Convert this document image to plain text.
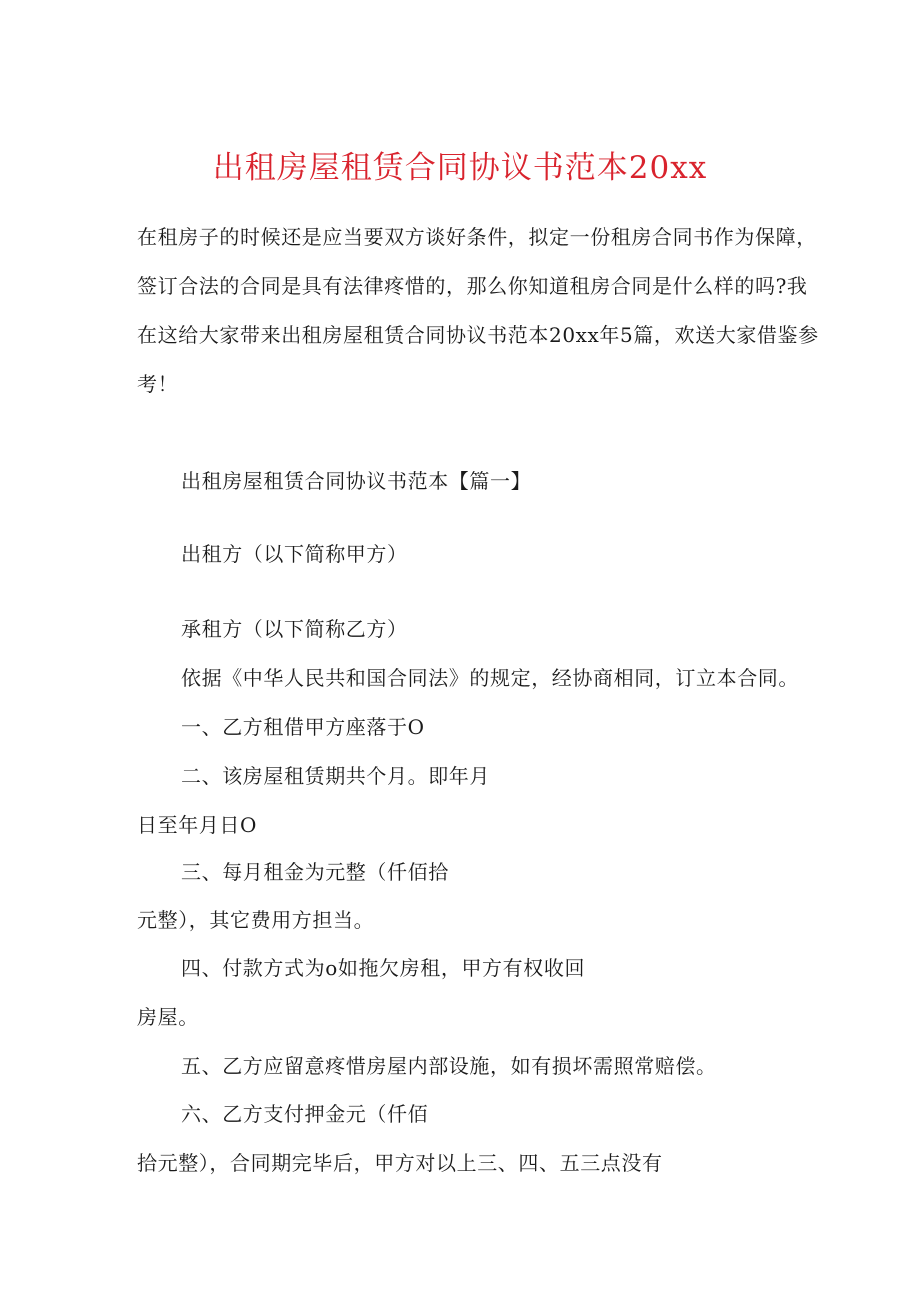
出租房屋租赁合同协议书范本20xx
在租房子的时候还是应当要双方谈好条件，拟定一份租房合同书作为保障，
签订合法的合同是具有法律疼惜的，那么你知道租房合同是什么样的吗?我
在这给大家带来出租房屋租赁合同协议书范本20xx年5篇，欢送大家借鉴参
考！
出租房屋租赁合同协议书范本【篇一】
出租方（以下简称甲方）
承租方（以下简称乙方）
依据《中华人民共和国合同法》的规定，经协商相同，订立本合同。
一、乙方租借甲方座落于O
二、该房屋租赁期共个月。即年月
日至年月日O
三、每月租金为元整（仟佰拾
元整），其它费用方担当。
四、付款方式为o如拖欠房租，甲方有权收回
房屋。
五、乙方应留意疼惜房屋内部设施，如有损坏需照常赔偿。
六、乙方支付押金元（仟佰
拾元整），合同期完毕后，甲方对以上三、四、五三点没有
